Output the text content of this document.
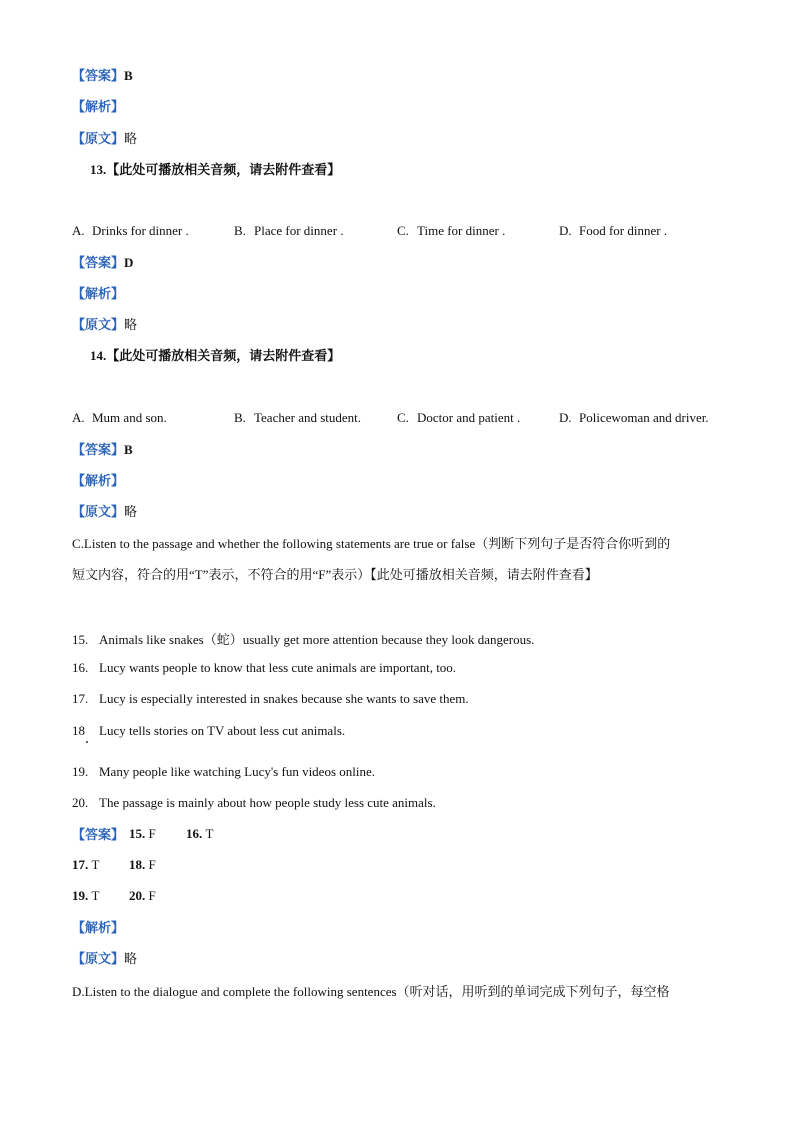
【答案】B
【解析】
【原文】略
13.【此处可播放相关音频，请去附件查看】
A. Drinks for dinner .	B. Place for dinner .	C. Time for dinner .	D. Food for dinner .
【答案】D
【解析】
【原文】略
14.【此处可播放相关音频，请去附件查看】
A. Mum and son.	B. Teacher and student.	C. Doctor and patient .	D. Policewoman and driver.
【答案】B
【解析】
【原文】略
C.Listen to the passage and whether the following statements are true or false（判断下列句子是否符合你听到的
短文内容，符合的用“T”表示，不符合的用“F”表示）【此处可播放相关音频，请去附件查看】
15. Animals like snakes（蛇）usually get more attention because they look dangerous.
16. Lucy wants people to know that less cute animals are important, too.
17. Lucy is especially interested in snakes because she wants to save them.
18 Lucy tells stories on TV about less cut animals.
19. Many people like watching Lucy's fun videos online.
20. The passage is mainly about how people study less cute animals.
【答案】 15. F 16. T
17. T 18. F
19. T 20. F
【解析】
【原文】略
D.Listen to the dialogue and complete the following sentences（听对话，用听到的单词完成下列句子，每空格
